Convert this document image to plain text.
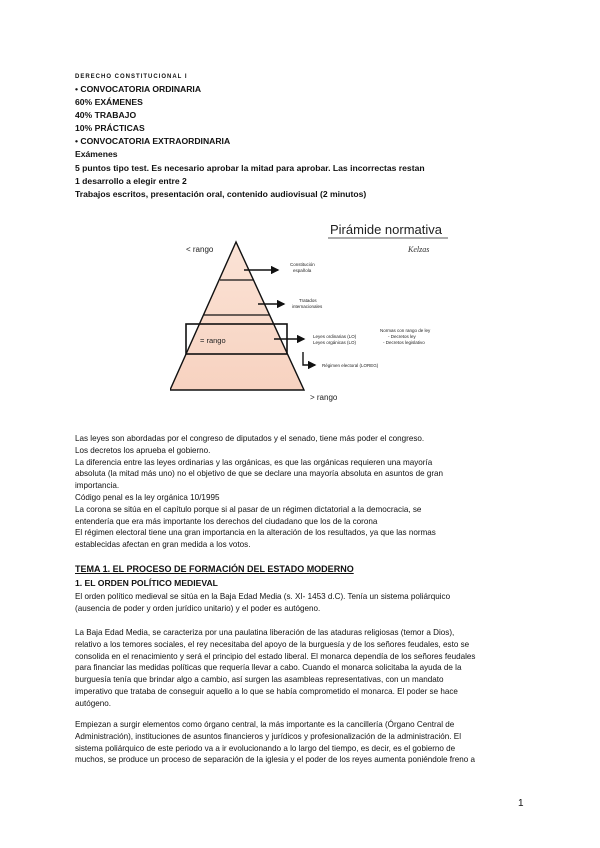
DERECHO CONSTITUCIONAL I
• CONVOCATORIA ORDINARIA
60% EXÁMENES
40% TRABAJO
10% PRÁCTICAS
• CONVOCATORIA EXTRAORDINARIA
Exámenes
5 puntos tipo test. Es necesario aprobar la mitad para aprobar. Las incorrectas restan
1 desarrollo a elegir entre 2
Trabajos escritos, presentación oral, contenido audiovisual (2 minutos)
Pirámide normativa
Kelzas
< rango
> rango
= rango
Constitución
española
Tratados
internacionales
Leyes ordinarias (LO)
Leyes orgánicas (LO)
Normas con rango de ley
- Decretos ley
- Decretos legislativo
Régimen electoral (LOREG)
Las leyes son abordadas por el congreso de diputados y el senado, tiene más poder el congreso.
Los decretos los aprueba el gobierno.
La diferencia entre las leyes ordinarias y las orgánicas, es que las orgánicas requieren una mayoría
absoluta (la mitad más uno) no el objetivo de que se declare una mayoría absoluta en asuntos de gran
importancia.
Código penal es la ley orgánica 10/1995
La corona se sitúa en el capítulo porque si al pasar de un régimen dictatorial a la democracia, se
entendería que era más importante los derechos del ciudadano que los de la corona
El régimen electoral tiene una gran importancia en la alteración de los resultados, ya que las normas
establecidas afectan en gran medida a los votos.
TEMA 1. EL PROCESO DE FORMACIÓN DEL ESTADO MODERNO
1. EL ORDEN POLÍTICO MEDIEVAL
El orden político medieval se sitúa en la Baja Edad Media (s. XI- 1453 d.C). Tenía un sistema poliárquico
(ausencia de poder y orden jurídico unitario) y el poder es autógeno.
La Baja Edad Media, se caracteriza por una paulatina liberación de las ataduras religiosas (temor a Dios),
relativo a los temores sociales, el rey necesitaba del apoyo de la burguesía y de los señores feudales, esto se
consolida en el renacimiento y será el principio del estado liberal. El monarca dependía de los señores feudales
para financiar las medidas políticas que requería llevar a cabo. Cuando el monarca solicitaba la ayuda de la
burguesía tenía que brindar algo a cambio, así surgen las asambleas representativas, con un mandato
imperativo que trataba de conseguir aquello a lo que se había comprometido el monarca. El poder se hace
autógeno.
Empiezan a surgir elementos como órgano central, la más importante es la cancillería (Órgano Central de
Administración), instituciones de asuntos financieros y jurídicos y profesionalización de la administración. El
sistema poliárquico de este periodo va a ir evolucionando a lo largo del tiempo, es decir, es el gobierno de
muchos, se produce un proceso de separación de la iglesia y el poder de los reyes aumenta poniéndole freno a
1
